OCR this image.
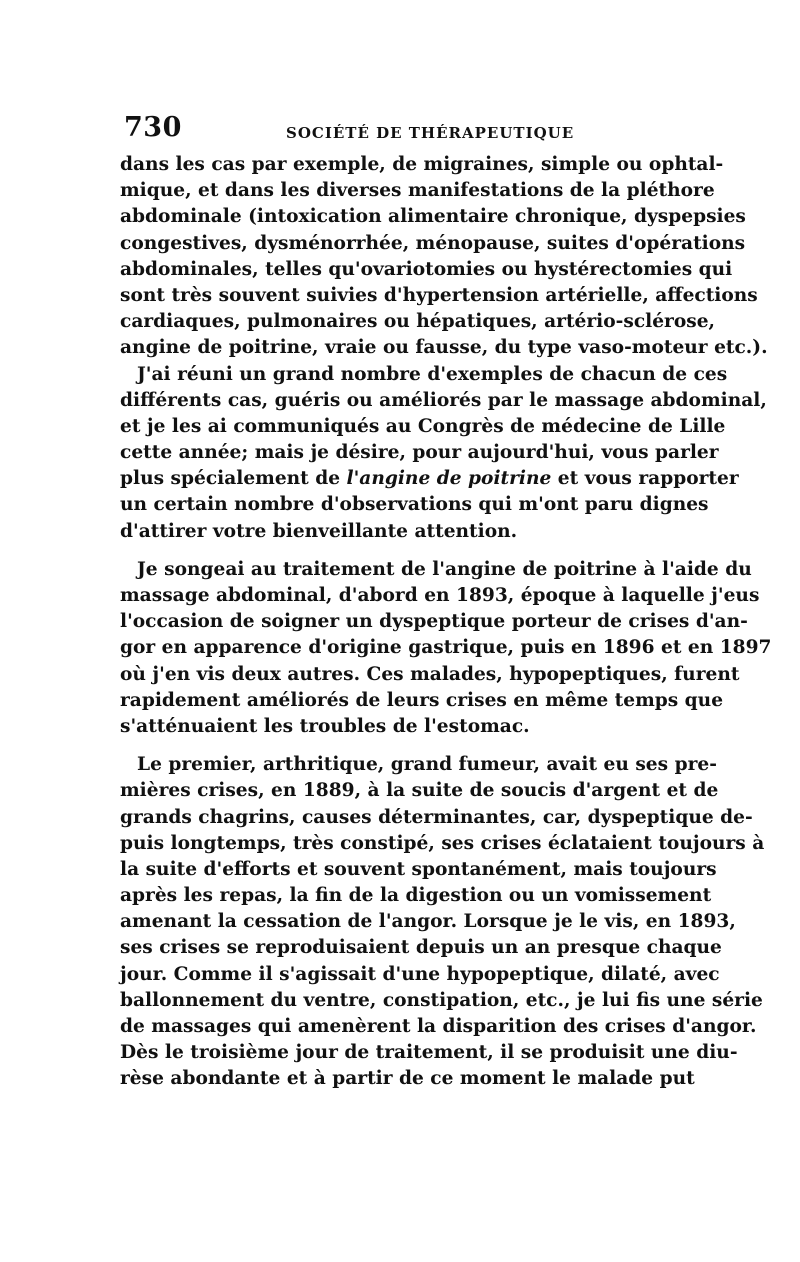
730	SOCIÉTÉ DE THÉRAPEUTIQUE
dans les cas par exemple, de migraines, simple ou ophtal-
mique, et dans les diverses manifestations de la pléthore
abdominale (intoxication alimentaire chronique, dyspepsies
congestives, dysménorrhée, ménopause, suites d'opérations
abdominales, telles qu'ovariotomies ou hystérectomies qui
sont très souvent suivies d'hypertension artérielle, affections
cardiaques, pulmonaires ou hépatiques, artério-sclérose,
angine de poitrine, vraie ou fausse, du type vaso-moteur etc.).
J'ai réuni un grand nombre d'exemples de chacun de ces
différents cas, guéris ou améliorés par le massage abdominal,
et je les ai communiqués au Congrès de médecine de Lille
cette année; mais je désire, pour aujourd'hui, vous parler
plus spécialement de l'angine de poitrine et vous rapporter
un certain nombre d'observations qui m'ont paru dignes
d'attirer votre bienveillante attention.
Je songeai au traitement de l'angine de poitrine à l'aide du
massage abdominal, d'abord en 1893, époque à laquelle j'eus
l'occasion de soigner un dyspeptique porteur de crises d'an-
gor en apparence d'origine gastrique, puis en 1896 et en 1897
où j'en vis deux autres. Ces malades, hypopeptiques, furent
rapidement améliorés de leurs crises en même temps que
s'atténuaient les troubles de l'estomac.
Le premier, arthritique, grand fumeur, avait eu ses pre-
mières crises, en 1889, à la suite de soucis d'argent et de
grands chagrins, causes déterminantes, car, dyspeptique de-
puis longtemps, très constipé, ses crises éclataient toujours à
la suite d'efforts et souvent spontanément, mais toujours
après les repas, la fin de la digestion ou un vomissement
amenant la cessation de l'angor. Lorsque je le vis, en 1893,
ses crises se reproduisaient depuis un an presque chaque
jour. Comme il s'agissait d'une hypopeptique, dilaté, avec
ballonnement du ventre, constipation, etc., je lui fis une série
de massages qui amenèrent la disparition des crises d'angor.
Dès le troisième jour de traitement, il se produisit une diu-
rèse abondante et à partir de ce moment le malade put
